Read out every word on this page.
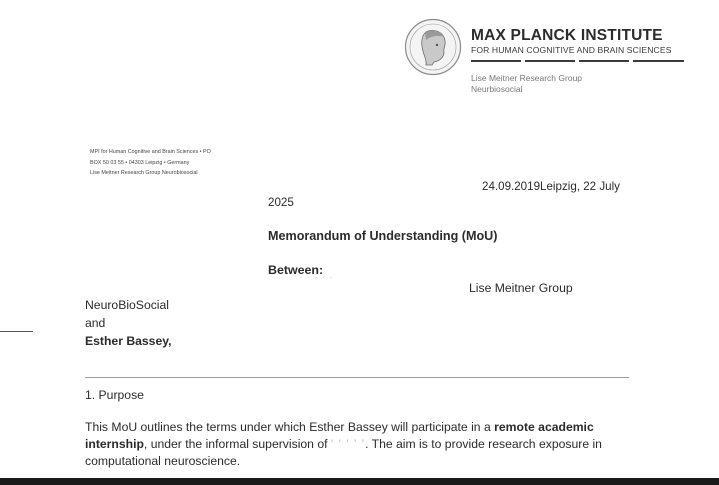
MAX PLANCK INSTITUTE
FOR HUMAN COGNITIVE AND BRAIN SCIENCES
Lise Meitner Research Group
Neurbiosocial
MPI for Human Cognitive and Brain Sciences • PO
BOX 50 03 55 • 04303 Leipzig • Germany
Lise Meitner Research Group Neurobiosocial
24.09.2019Leipzig, 22 July
2025
Memorandum of Understanding (MoU)
Between:
˙ ˙ ˙ ˙ ˙	Lise Meitner Group
NeuroBioSocial
and
Esther Bassey,
1. Purpose
This MoU outlines the terms under which Esther Bassey will participate in a remote academic internship, under the informal supervision of ' ' ' ' '. The aim is to provide research exposure in computational neuroscience.
